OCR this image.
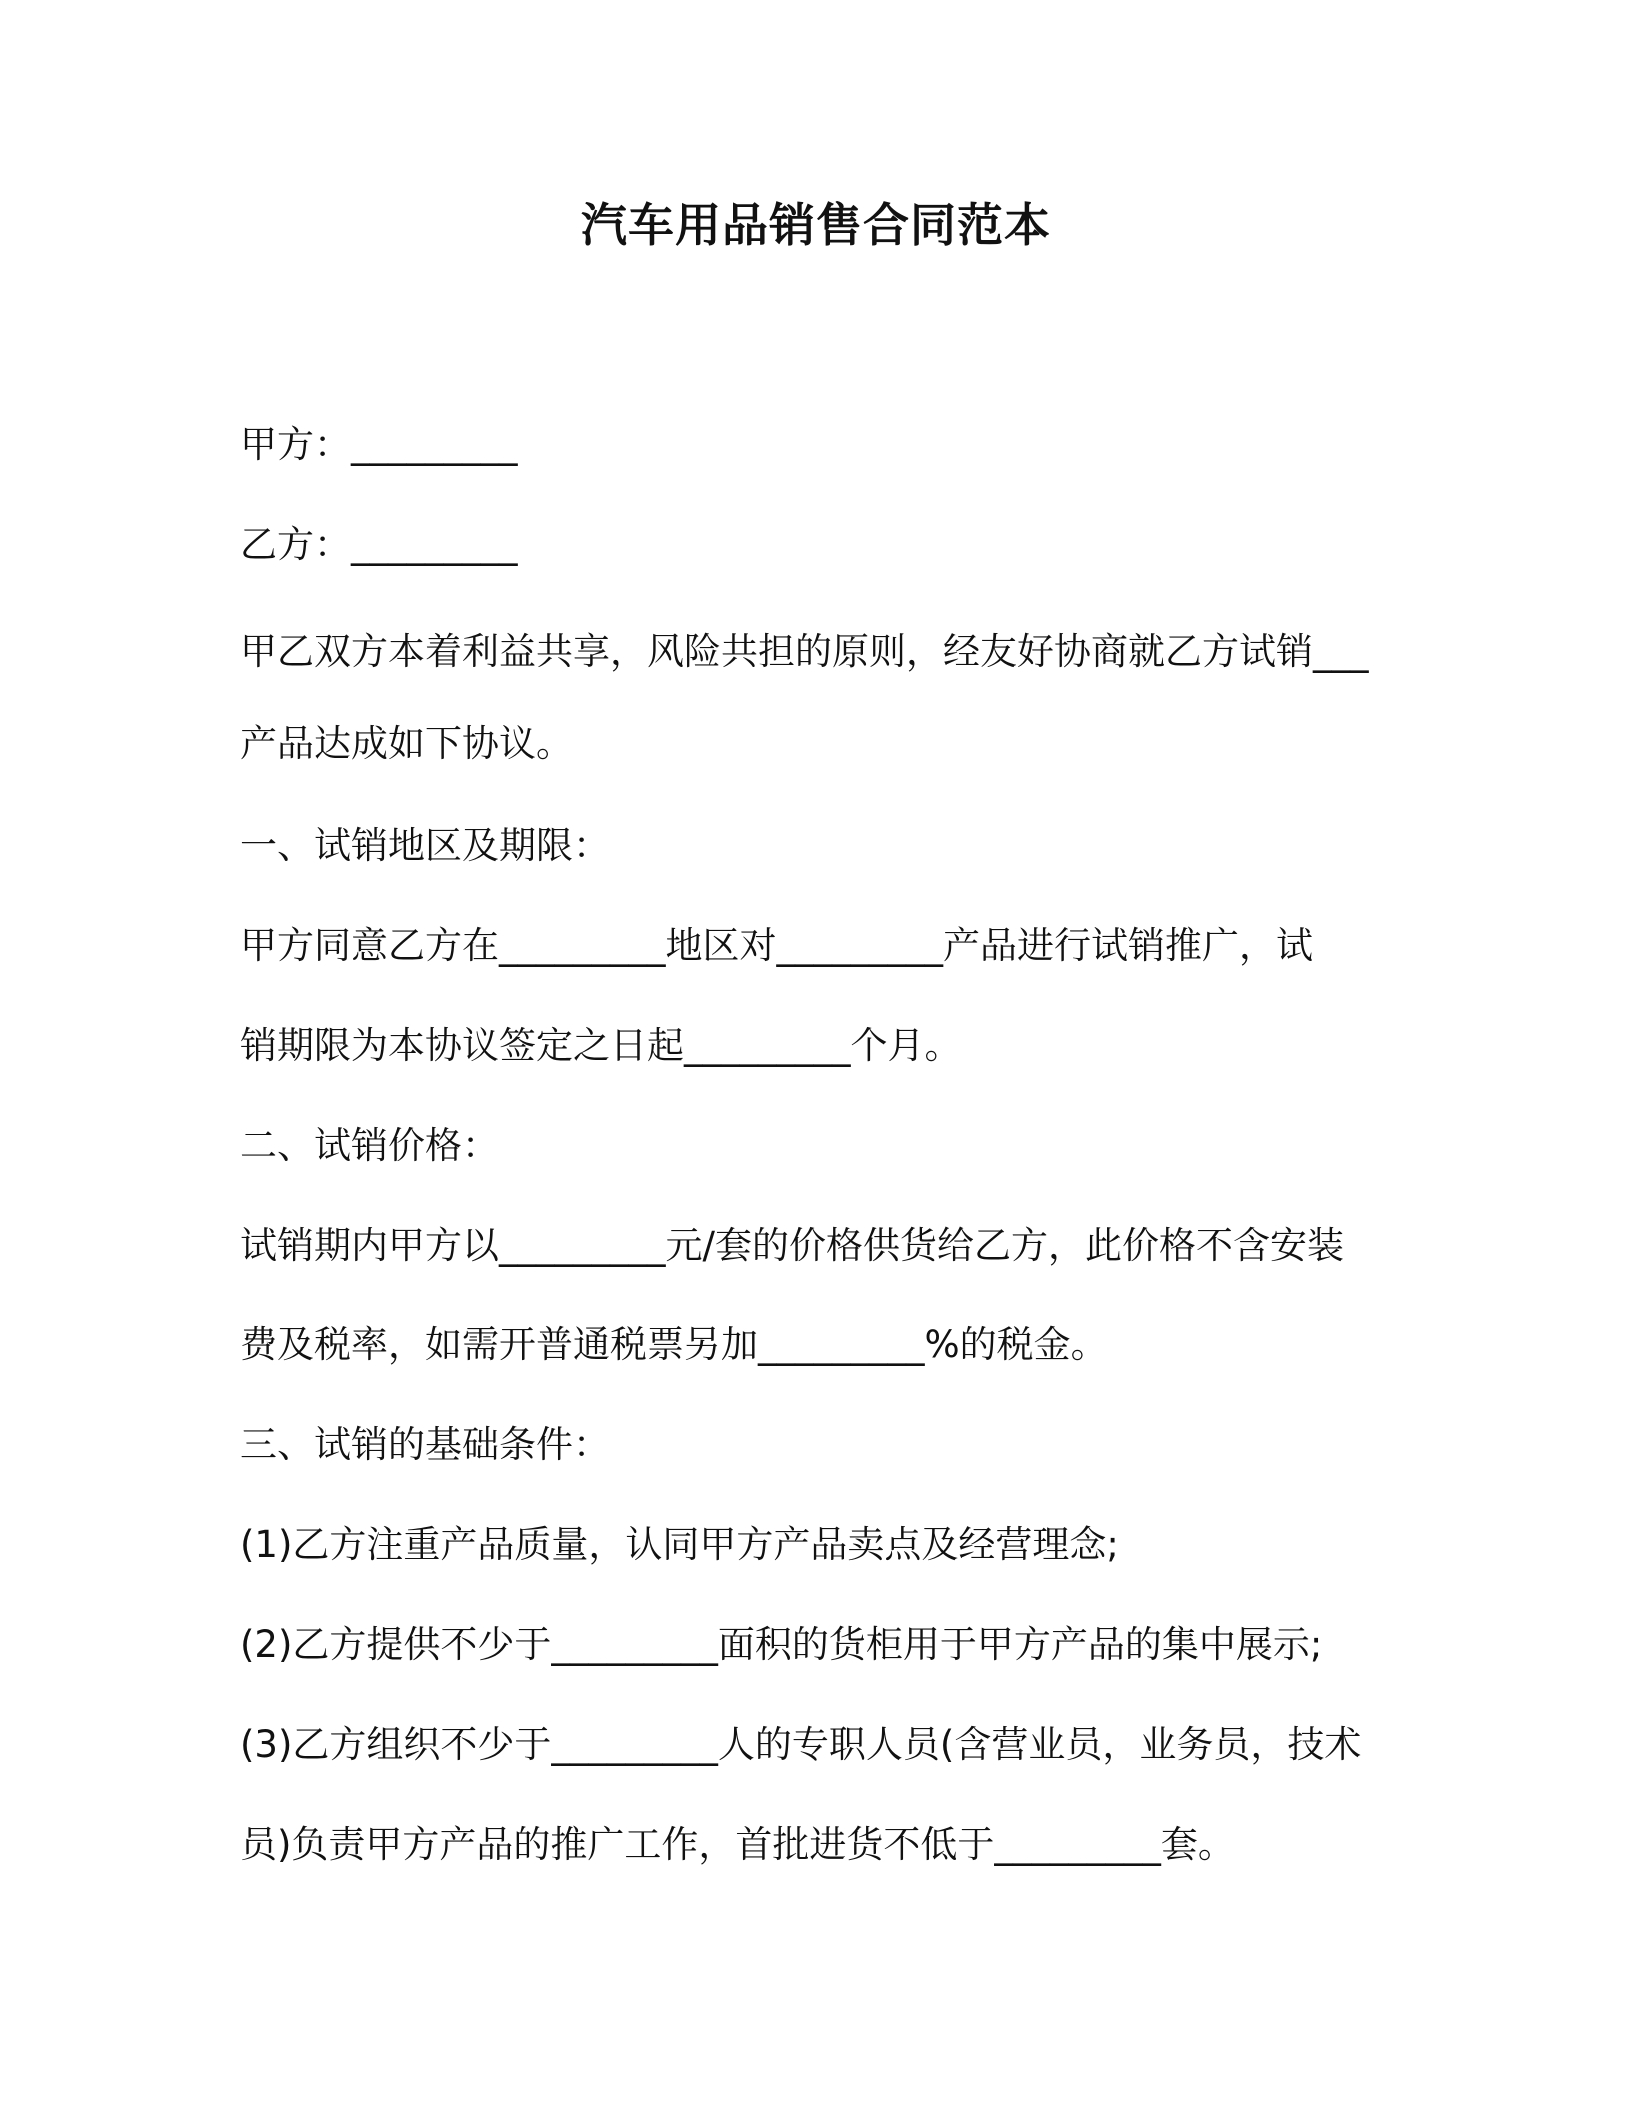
汽车用品销售合同范本
甲方：_________
乙方：_________
甲乙双方本着利益共享，风险共担的原则，经友好协商就乙方试销___
产品达成如下协议。
一、试销地区及期限：
甲方同意乙方在_________地区对_________产品进行试销推广，试
销期限为本协议签定之日起_________个月。
二、试销价格：
试销期内甲方以_________元/套的价格供货给乙方，此价格不含安装
费及税率，如需开普通税票另加_________%的税金。
三、试销的基础条件：
(1)乙方注重产品质量，认同甲方产品卖点及经营理念;
(2)乙方提供不少于_________面积的货柜用于甲方产品的集中展示;
(3)乙方组织不少于_________人的专职人员(含营业员，业务员，技术
员)负责甲方产品的推广工作，首批进货不低于_________套。
